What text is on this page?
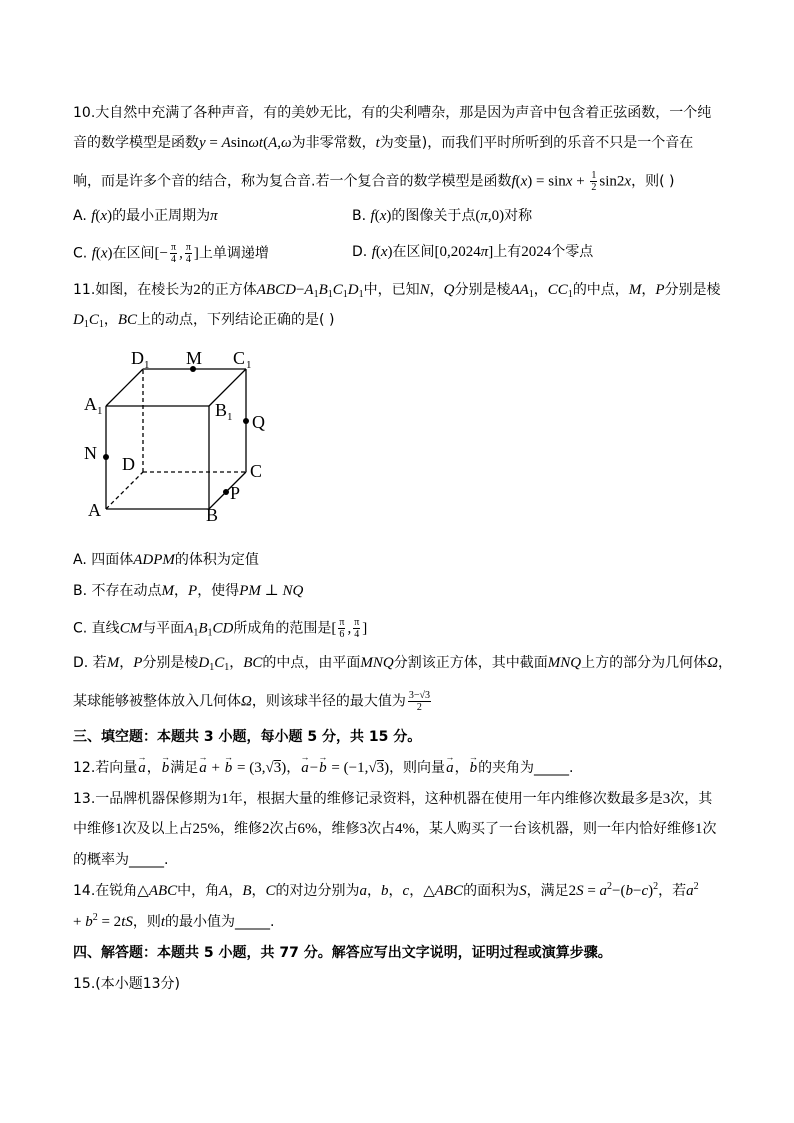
10.大自然中充满了各种声音，有的美妙无比，有的尖利嘈杂，那是因为声音中包含着正弦函数，一个纯
音的数学模型是函数y = Asinωt(A,ω为非零常数，t为变量)，而我们平时所听到的乐音不只是一个音在
响，而是许多个音的结合，称为复合音.若一个复合音的数学模型是函数$f(x) = \sin x + \frac{1}{2} \sin 2x$，则( )
A. f(x)的最小正周期为π	B. f(x)的图像关于点(π,0)对称
C. f(x)在区间[− $\frac{\pi}{4}$ , $\frac{\pi}{4}$ ]上单调递增	D. f(x)在区间[0,2024π]上有2024个零点
11.如图，在棱长为2的正方体$ABCD-A_1B_1C_1D_1$中，已知N，Q分别是棱$AA_1$，$CC_1$的中点，M，P分别是棱
$D_1C_1$，BC上的动点，下列结论正确的是( )
D 1 M C 1
A 1	B 1 Q
N
D	C
P
A	B
A. 四面体ADPM的体积为定值
B. 不存在动点M，P，使得PM ⊥ NQ
C. 直线CM与平面$A_1B_1CD$所成角的范围是[ $\frac{\pi}{6}$ , $\frac{\pi}{4}$ ]
D. 若M，P分别是棱$D_1C_1$，BC的中点，由平面MNQ分割该正方体，其中截面MNQ上方的部分为几何体Ω，
某球能够被整体放入几何体Ω，则该球半径的最大值为 $\frac{3-√3}{2}$
三、填空题：本题共 3 小题，每小题 5 分，共 15 分。
12.若向量a →，b →满足a → + b → = (3,√3)，a →−b → = (−1,√3)，则向量a →，b →的夹角为_____.
13.一品牌机器保修期为1年，根据大量的维修记录资料，这种机器在使用一年内维修次数最多是3次，其
中维修1次及以上占25%，维修2次占6%，维修3次占4%，某人购买了一台该机器，则一年内恰好维修1次
的概率为_____.
14.在锐角△ABC中，角A，B，C的对边分别为a，b，c，△ABC的面积为S，满足$2S = a^2-(b-c)^2$，若$a^2$
+ $b^2 = 2tS$，则t的最小值为_____.
四、解答题：本题共 5 小题，共 77 分。解答应写出文字说明，证明过程或演算步骤。
15.(本小题13分)
